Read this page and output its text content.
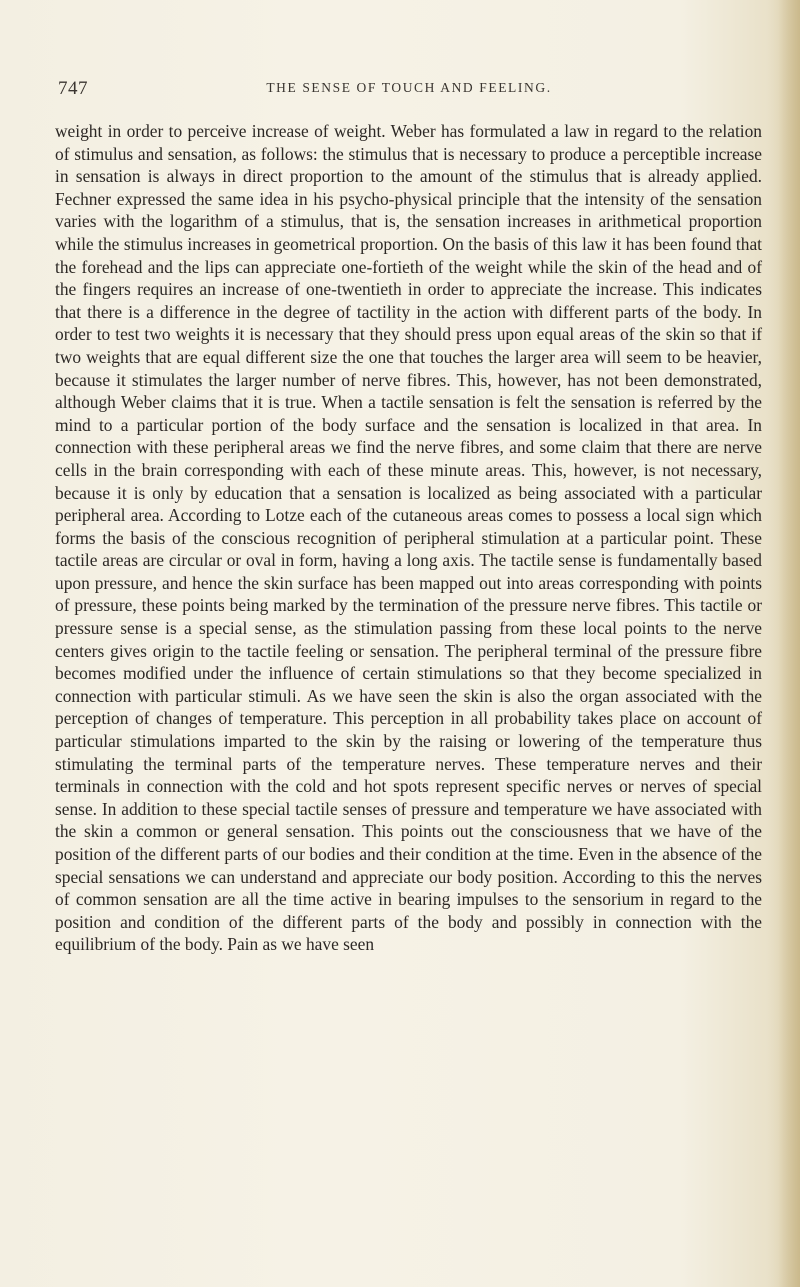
747	THE SENSE OF TOUCH AND FEELING.
weight in order to perceive increase of weight. Weber has formulated a law in regard to the relation of stimulus and sensation, as follows: the stimulus that is necessary to produce a perceptible increase in sensation is always in direct proportion to the amount of the stimulus that is already applied. Fechner expressed the same idea in his psycho-physical principle that the intensity of the sensation varies with the logarithm of a stimulus, that is, the sensation increases in arithmetical proportion while the stimulus increases in geometrical proportion. On the basis of this law it has been found that the forehead and the lips can appreciate one-fortieth of the weight while the skin of the head and of the fingers requires an increase of one-twentieth in order to appreciate the increase. This indicates that there is a difference in the degree of tactility in the action with different parts of the body. In order to test two weights it is necessary that they should press upon equal areas of the skin so that if two weights that are equal different size the one that touches the larger area will seem to be heavier, because it stimulates the larger number of nerve fibres. This, however, has not been demonstrated, although Weber claims that it is true. When a tactile sensation is felt the sensation is referred by the mind to a particular portion of the body surface and the sensation is localized in that area. In connection with these peripheral areas we find the nerve fibres, and some claim that there are nerve cells in the brain corresponding with each of these minute areas. This, however, is not necessary, because it is only by education that a sensation is localized as being associated with a particular peripheral area. According to Lotze each of the cutaneous areas comes to possess a local sign which forms the basis of the conscious recognition of peripheral stimulation at a particular point. These tactile areas are circular or oval in form, having a long axis. The tactile sense is fundamentally based upon pressure, and hence the skin surface has been mapped out into areas corresponding with points of pressure, these points being marked by the termination of the pressure nerve fibres. This tactile or pressure sense is a special sense, as the stimulation passing from these local points to the nerve centers gives origin to the tactile feeling or sensation. The peripheral terminal of the pressure fibre becomes modified under the influence of certain stimulations so that they become specialized in connection with particular stimuli. As we have seen the skin is also the organ associated with the perception of changes of temperature. This perception in all probability takes place on account of particular stimulations imparted to the skin by the raising or lowering of the temperature thus stimulating the terminal parts of the temperature nerves. These temperature nerves and their terminals in connection with the cold and hot spots represent specific nerves or nerves of special sense. In addition to these special tactile senses of pressure and temperature we have associated with the skin a common or general sensation. This points out the consciousness that we have of the position of the different parts of our bodies and their condition at the time. Even in the absence of the special sensations we can understand and appreciate our body position. According to this the nerves of common sensation are all the time active in bearing impulses to the sensorium in regard to the position and condition of the different parts of the body and possibly in connection with the equilibrium of the body. Pain as we have seen
